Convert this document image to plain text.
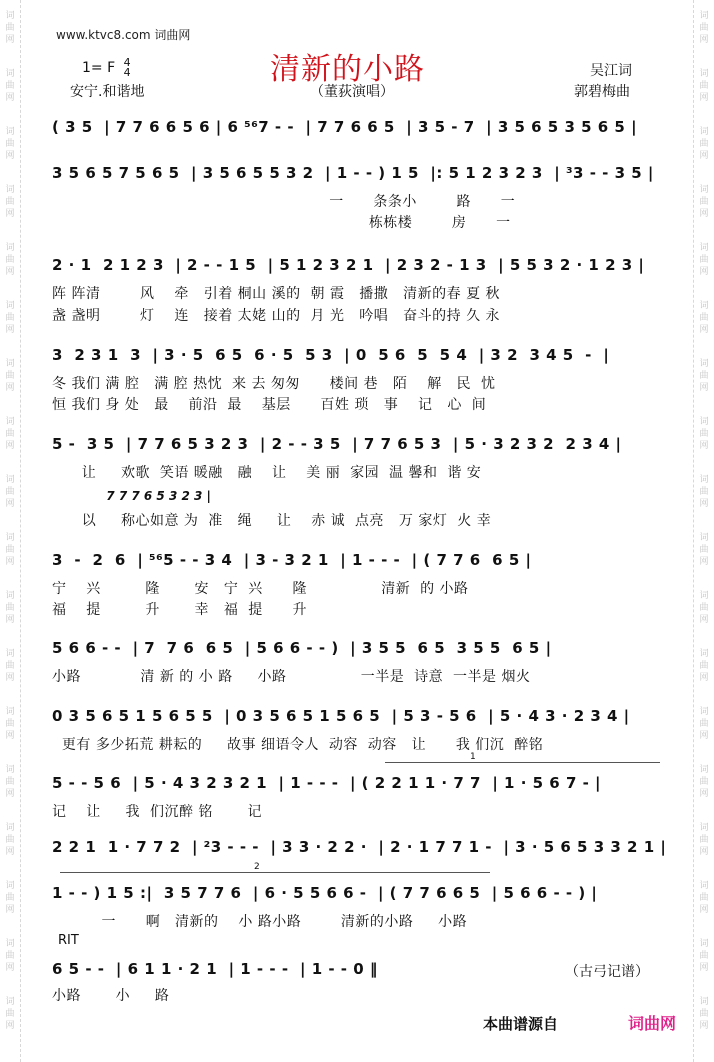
词
曲
网
词
曲
网
词
曲
网
词
曲
网
词
曲
网
词
曲
网
词
曲
网
词
曲
网
词
曲
网
词
曲
网
词
曲
网
词
曲
网
词
曲
网
词
曲
网
词
曲
网
词
曲
网
词
曲
网
词
曲
网
词
曲
网
词
曲
网
词
曲
网
词
曲
网
词
曲
网
词
曲
网
词
曲
网
词
曲
网
词
曲
网
词
曲
网
词
曲
网
词
曲
网
词
曲
网
词
曲
网
词
曲
网
词
曲
网
词
曲
网
词
曲
网
www.ktvc8.com 词曲网
清新的小路
1= F 4
4
安宁.和谐地	（董荻演唱）
吴江词
郭碧梅曲
( 3 5  | 7 7 6 6 5 6 | 6 ⁵⁶7 - -  | 7 7 6 6 5  | 3 5 - 7  | 3 5 6 5 3 5 6 5 |
3 5 6 5 7 5 6 5  | 3 5 6 5 5 3 2  | 1 - - ) 1 5  |: 5 1 2 3 2 3  | ³3 - - 3 5 |
一      条条小        路      一
栋栋楼        房      一
2 · 1  2 1 2 3  | 2 - - 1 5  | 5 1 2 3 2 1  | 2 3 2 - 1 3  | 5 5 3 2 · 1 2 3 |
阵 阵清        风    牵   引着 桐山 溪的  朝 霞   播撒   清新的春 夏 秋
盏 盏明        灯    连   接着 太姥 山的  月 光   吟唱   奋斗的持 久 永
3  2 3 1  3  | 3 · 5  6 5  6 · 5  5 3  | 0  5 6  5  5 4  | 3 2  3 4 5  -  |
冬 我们 满 腔   满 腔 热忱  来 去 匆匆      楼间 巷   陌    解   民  忧
恒 我们 身 处   最    前沿  最    基层      百姓 琐   事    记   心  间
5 -  3 5  | 7 7 6 5 3 2 3  | 2 - - 3 5  | 7 7 6 5 3  | 5 · 3 2 3 2  2 3 4 |
让     欢歌  笑语 暖融   融    让    美 丽  家园  温 馨和  谐 安
7 7 7 6 5 3 2 3 |
以     称心如意 为  准   绳     让    赤 诚  点亮   万 家灯  火 幸
3  -  2  6  | ⁵⁶5 - - 3 4  | 3 - 3 2 1  | 1 - - -  | ( 7 7 6  6 5 |
宁    兴         隆       安   宁  兴      隆               清新  的 小路
福    提         升       幸   福  提      升
5 6 6 - -  | 7  7 6  6 5  | 5 6 6 - - )  | 3 5 5  6 5  3 5 5  6 5 |
小路            清 新 的 小 路     小路               一半是  诗意  一半是 烟火
0 3 5 6 5 1 5 6 5 5  | 0 3 5 6 5 1 5 6 5  | 5 3 - 5 6  | 5 · 4 3 · 2 3 4 |
更有 多少拓荒 耕耘的     故事 细语令人  动容  动容   让      我 们沉  醉铭
1
5 - - 5 6  | 5 · 4 3 2 3 2 1  | 1 - - -  | ( 2 2 1 1 · 7 7  | 1 · 5 6 7 - |
记    让     我  们沉醉 铭       记
2 2 1  1 · 7 7 2  | ²3 - - -  | 3 3 · 2 2 ·  | 2 · 1 7 7 1 -  | 3 · 5 6 5 3 3 2 1 |
2
1 - - ) 1 5 :|  3 5 7 7 6  | 6 · 5 5 6 6 -  | ( 7 7 6 6 5  | 5 6 6 - - ) |
一      啊   清新的    小 路小路        清新的小路     小路
RIT
6 5 - -  | 6 1 1 · 2 1  | 1 - - -  | 1 - - 0 ‖	（古弓记谱）
小路       小     路
本曲谱源自	词曲网
